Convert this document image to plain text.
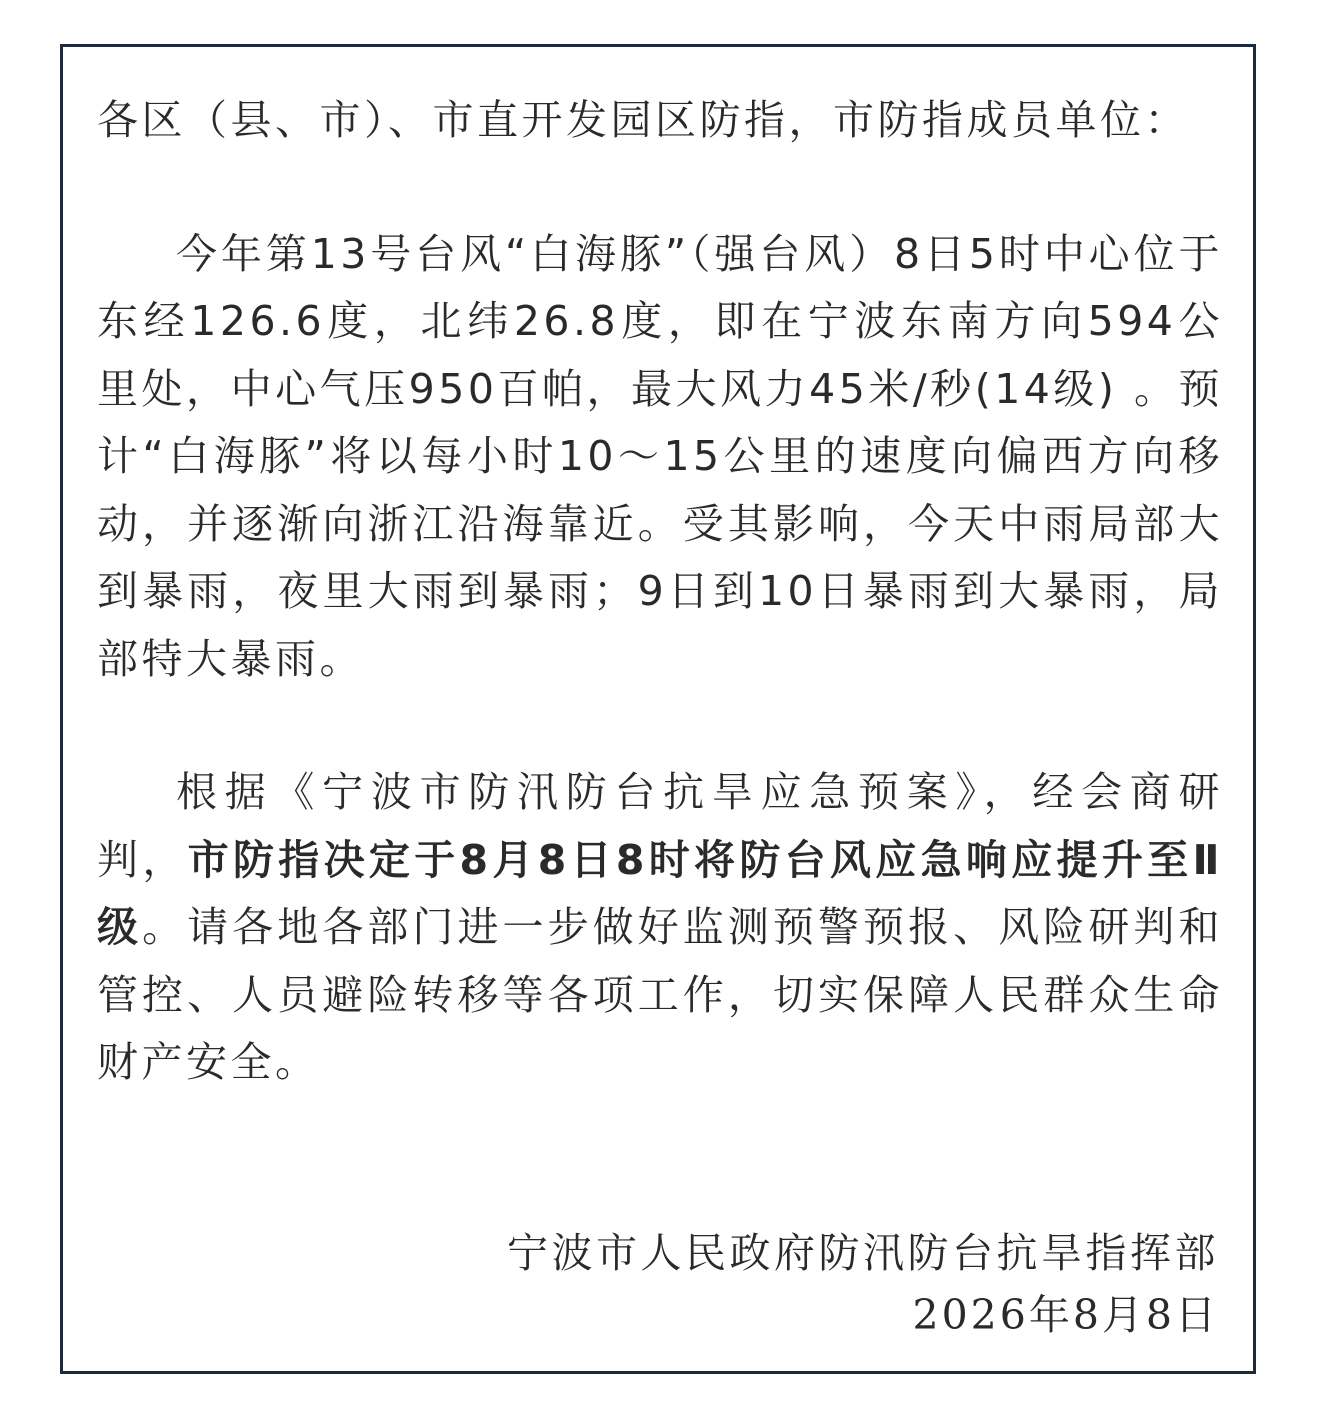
各区（县、市）、市直开发园区防指，市防指成员单位：

今年第13号台风“白海豚”（强台风）8日5时中心位于东经126.6度，北纬26.8度，即在宁波东南方向594公里处，中心气压950百帕，最大风力45米/秒(14级) 。预计“白海豚”将以每小时10～15公里的速度向偏西方向移动，并逐渐向浙江沿海靠近。受其影响，今天中雨局部大到暴雨，夜里大雨到暴雨；9日到10日暴雨到大暴雨，局部特大暴雨。

根据《宁波市防汛防台抗旱应急预案》，经会商研判，市防指决定于8月8日8时将防台风应急响应提升至Ⅱ级。请各地各部门进一步做好监测预警预报、风险研判和管控、人员避险转移等各项工作，切实保障人民群众生命财产安全。

宁波市人民政府防汛防台抗旱指挥部
2026年8月8日
